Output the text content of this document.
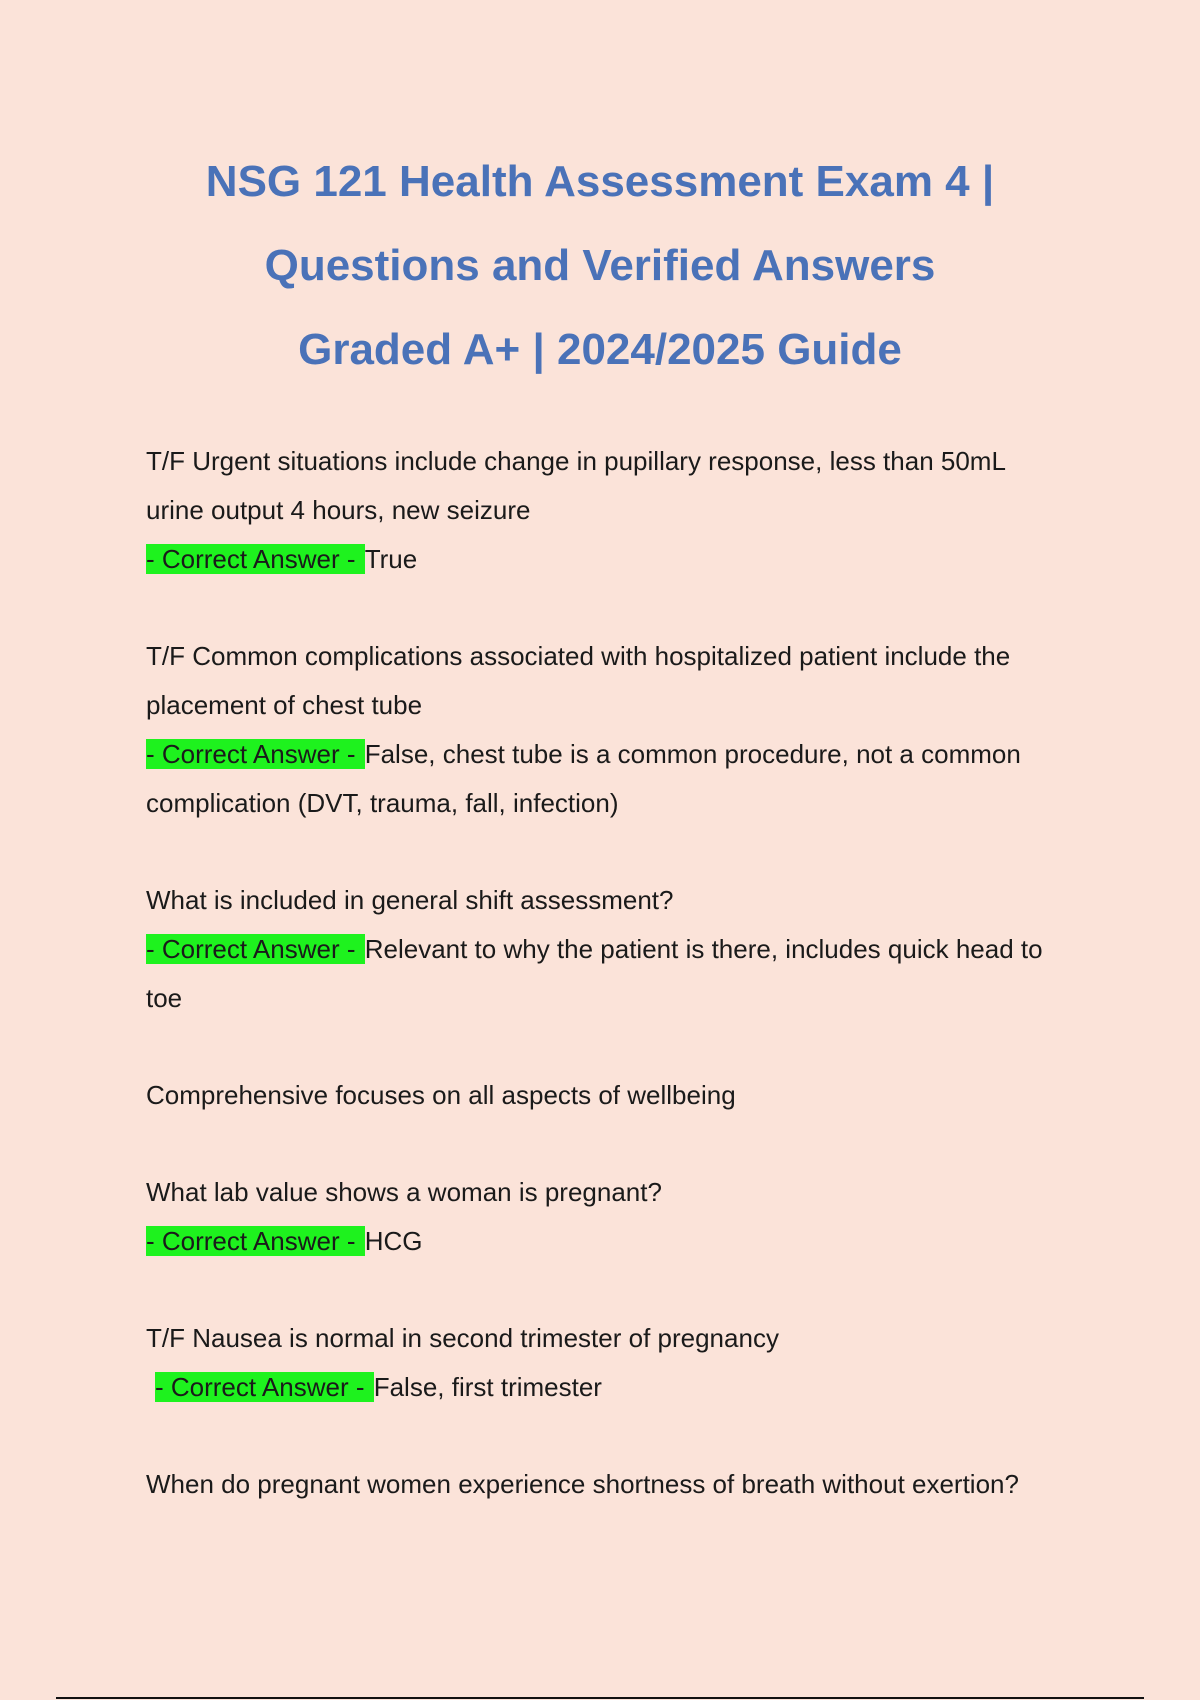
NSG 121 Health Assessment Exam 4 |
Questions and Verified Answers
Graded A+ | 2024/2025 Guide

T/F Urgent situations include change in pupillary response, less than 50mL urine output 4 hours, new seizure

- Correct Answer - True

T/F Common complications associated with hospitalized patient include the placement of chest tube

- Correct Answer - False, chest tube is a common procedure, not a common complication (DVT, trauma, fall, infection)

What is included in general shift assessment?

- Correct Answer - Relevant to why the patient is there, includes quick head to toe

Comprehensive focuses on all aspects of wellbeing

What lab value shows a woman is pregnant?

- Correct Answer - HCG

T/F Nausea is normal in second trimester of pregnancy

- Correct Answer - False, first trimester

When do pregnant women experience shortness of breath without exertion?
